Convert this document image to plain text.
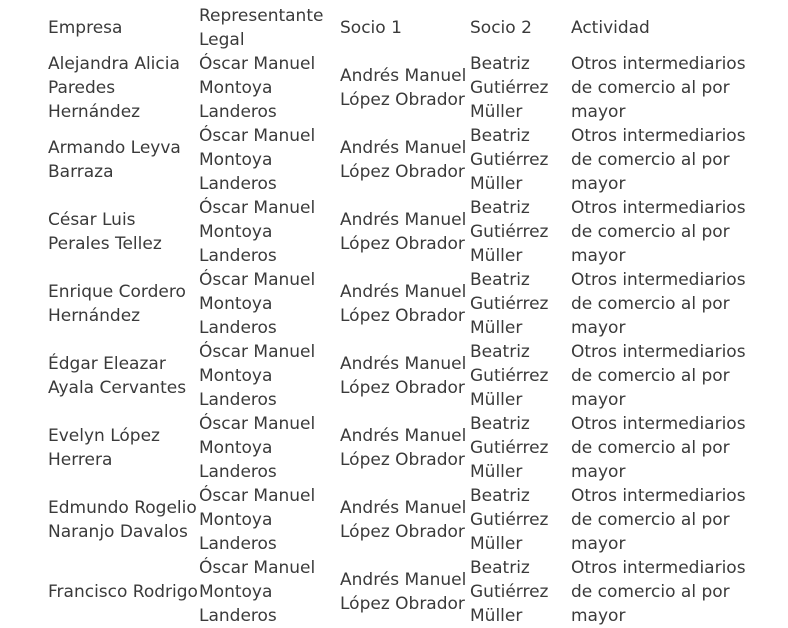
Empresa
Representante Legal
Socio 1	Socio 2	Actividad
Alejandra Alicia Paredes Hernández
Óscar Manuel Montoya Landeros
Andrés Manuel López Obrador
Beatriz Gutiérrez Müller
Otros intermediarios de comercio al por mayor
Armando Leyva Barraza
Óscar Manuel Montoya Landeros
Andrés Manuel López Obrador
Beatriz Gutiérrez Müller
Otros intermediarios de comercio al por mayor
César Luis Perales Tellez
Óscar Manuel Montoya Landeros
Andrés Manuel López Obrador
Beatriz Gutiérrez Müller
Otros intermediarios de comercio al por mayor
Enrique Cordero Hernández
Óscar Manuel Montoya Landeros
Andrés Manuel López Obrador
Beatriz Gutiérrez Müller
Otros intermediarios de comercio al por mayor
Édgar Eleazar Ayala Cervantes
Óscar Manuel Montoya Landeros
Andrés Manuel López Obrador
Beatriz Gutiérrez Müller
Otros intermediarios de comercio al por mayor
Evelyn López Herrera
Óscar Manuel Montoya Landeros
Andrés Manuel López Obrador
Beatriz Gutiérrez Müller
Otros intermediarios de comercio al por mayor
Edmundo Rogelio Naranjo Davalos
Óscar Manuel Montoya Landeros
Andrés Manuel López Obrador
Beatriz Gutiérrez Müller
Otros intermediarios de comercio al por mayor
Francisco Rodrigo
Óscar Manuel Montoya Landeros
Andrés Manuel López Obrador
Beatriz Gutiérrez Müller
Otros intermediarios de comercio al por mayor
